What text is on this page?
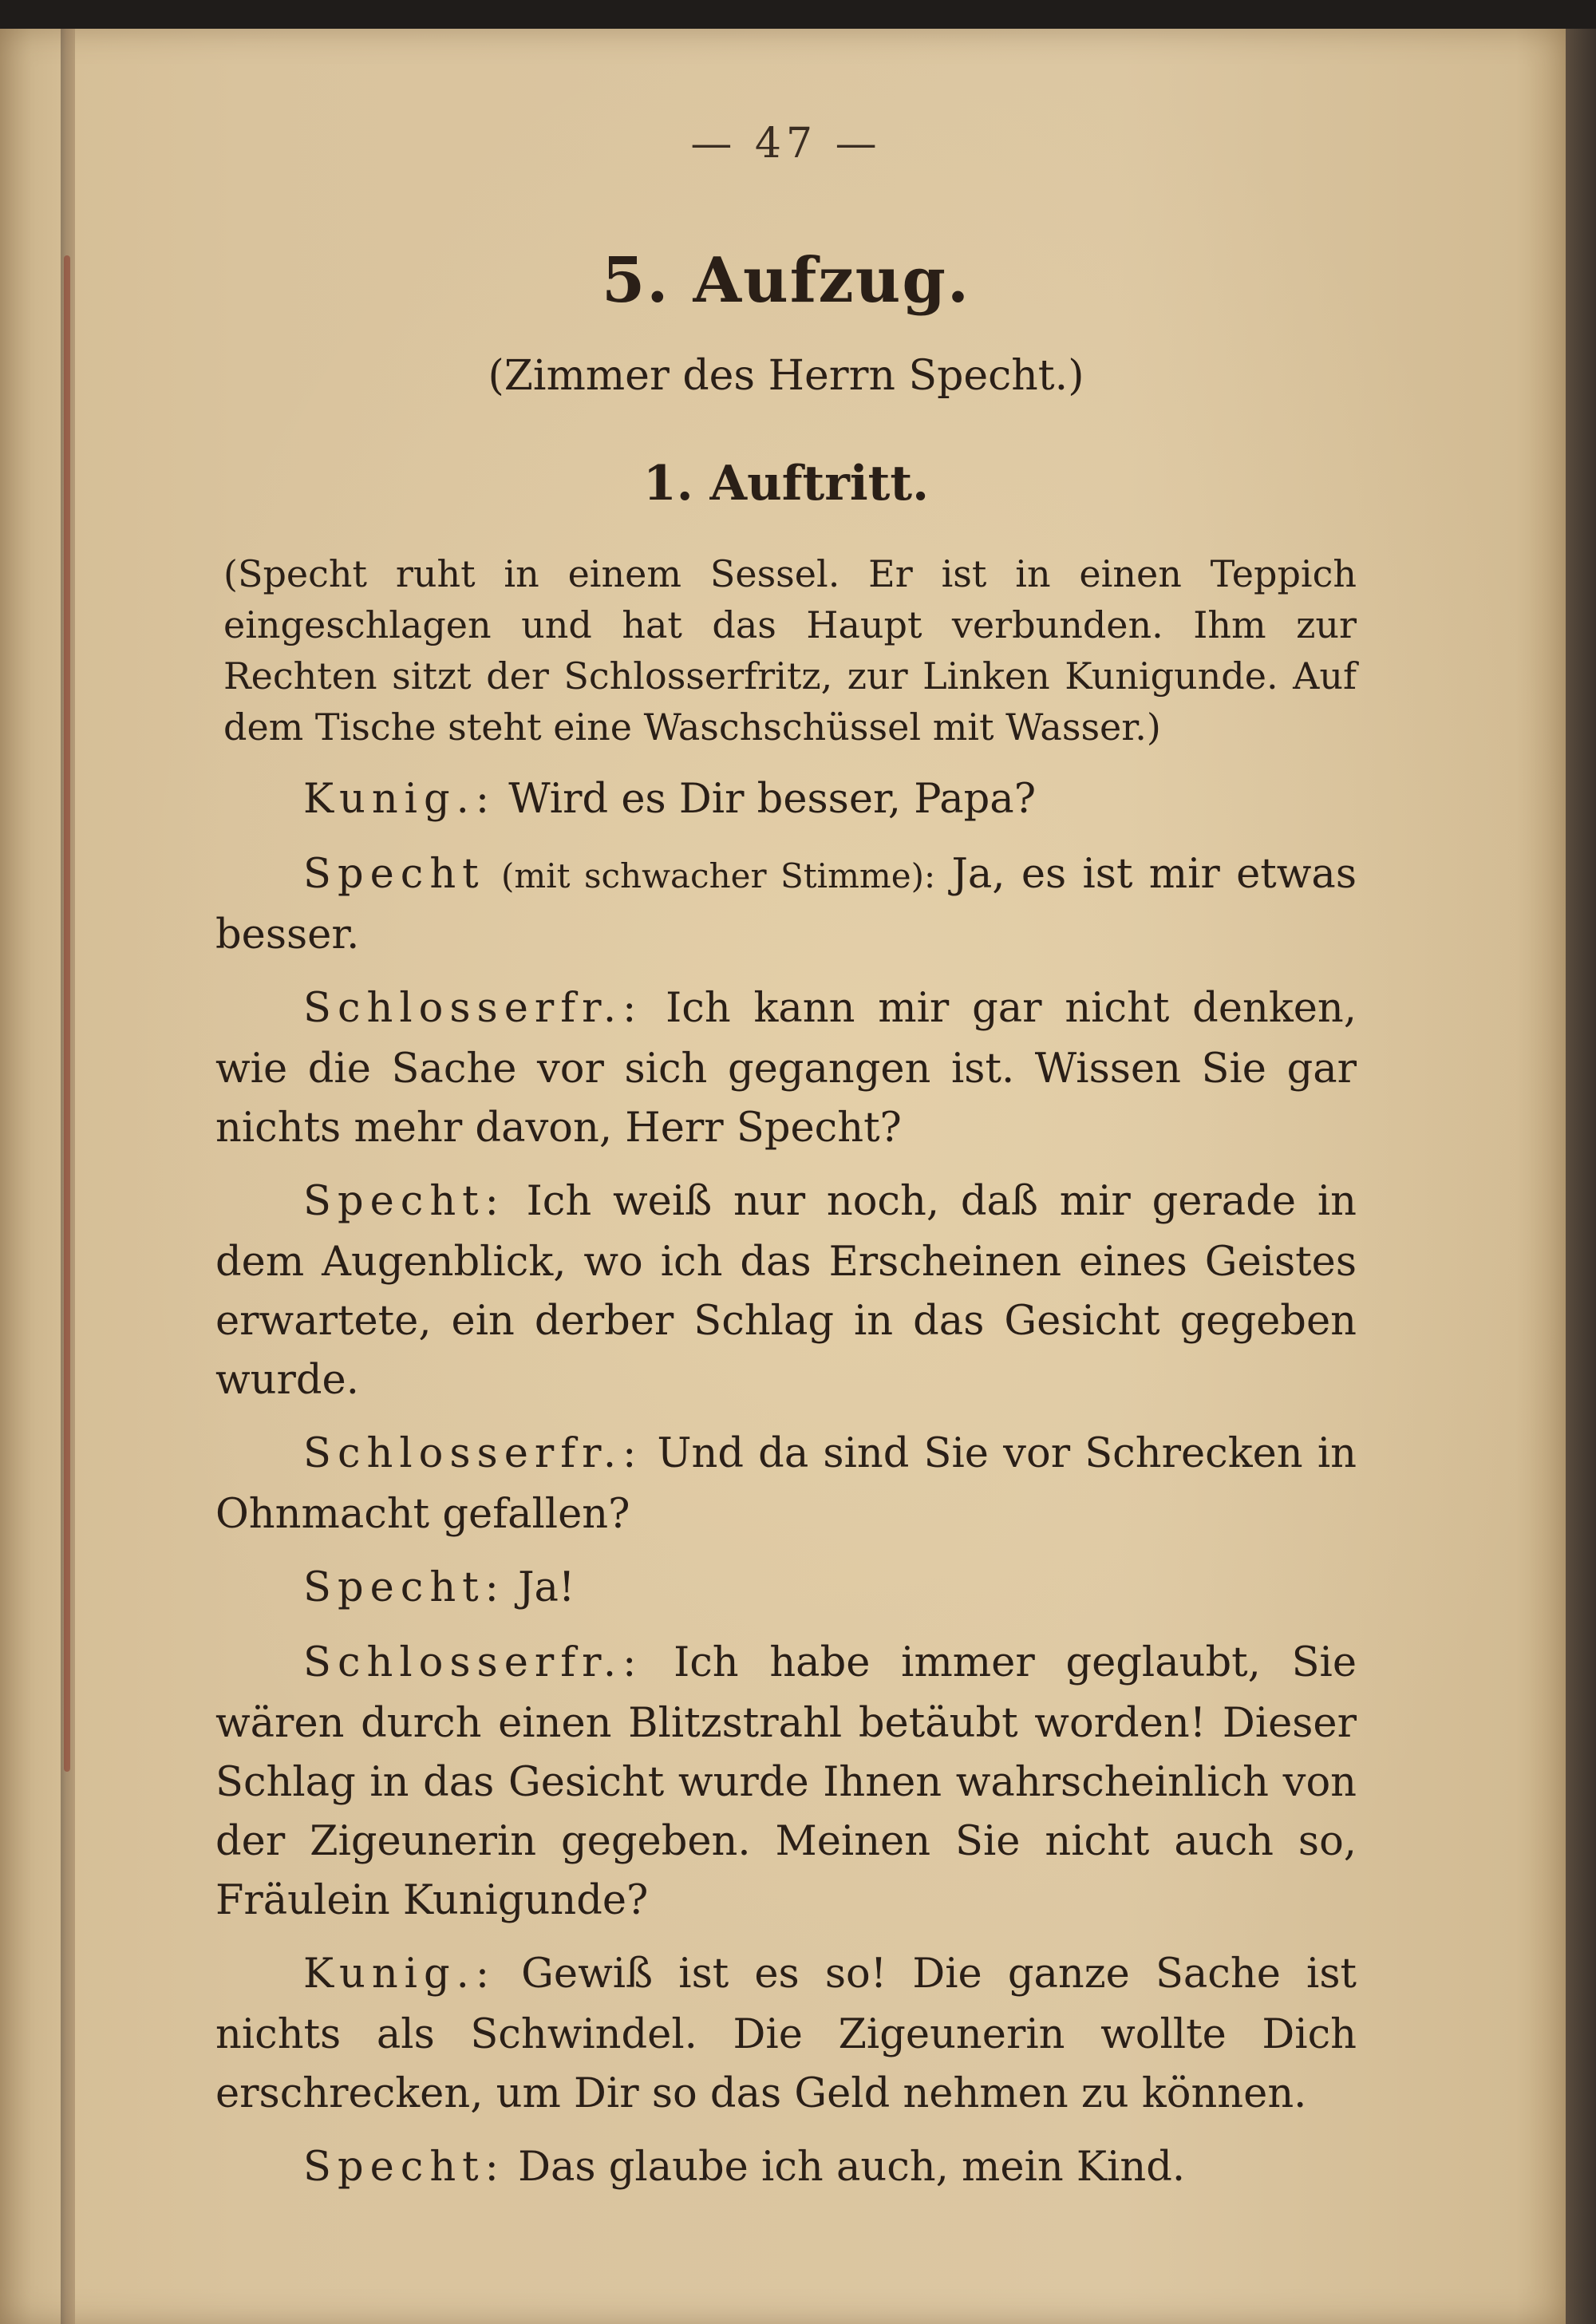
— 47 —
5. Aufzug.
(Zimmer des Herrn Specht.)
1. Auftritt.
(Specht ruht in einem Sessel. Er ist in einen Teppich eingeschlagen und hat das Haupt verbunden. Ihm zur Rechten sitzt der Schlosserfritz, zur Linken Kunigunde. Auf dem Tische steht eine Waschschüssel mit Wasser.)

Kunig.: Wird es Dir besser, Papa?

Specht (mit schwacher Stimme): Ja, es ist mir etwas besser.

Schlosserfr.: Ich kann mir gar nicht denken, wie die Sache vor sich gegangen ist. Wissen Sie gar nichts mehr davon, Herr Specht?

Specht: Ich weiß nur noch, daß mir gerade in dem Augenblick, wo ich das Erscheinen eines Geistes erwartete, ein derber Schlag in das Gesicht gegeben wurde.

Schlosserfr.: Und da sind Sie vor Schrecken in Ohnmacht gefallen?

Specht: Ja!

Schlosserfr.: Ich habe immer geglaubt, Sie wären durch einen Blitzstrahl betäubt worden! Dieser Schlag in das Gesicht wurde Ihnen wahrscheinlich von der Zigeunerin gegeben. Meinen Sie nicht auch so, Fräulein Kunigunde?

Kunig.: Gewiß ist es so! Die ganze Sache ist nichts als Schwindel. Die Zigeunerin wollte Dich erschrecken, um Dir so das Geld nehmen zu können.

Specht: Das glaube ich auch, mein Kind.
